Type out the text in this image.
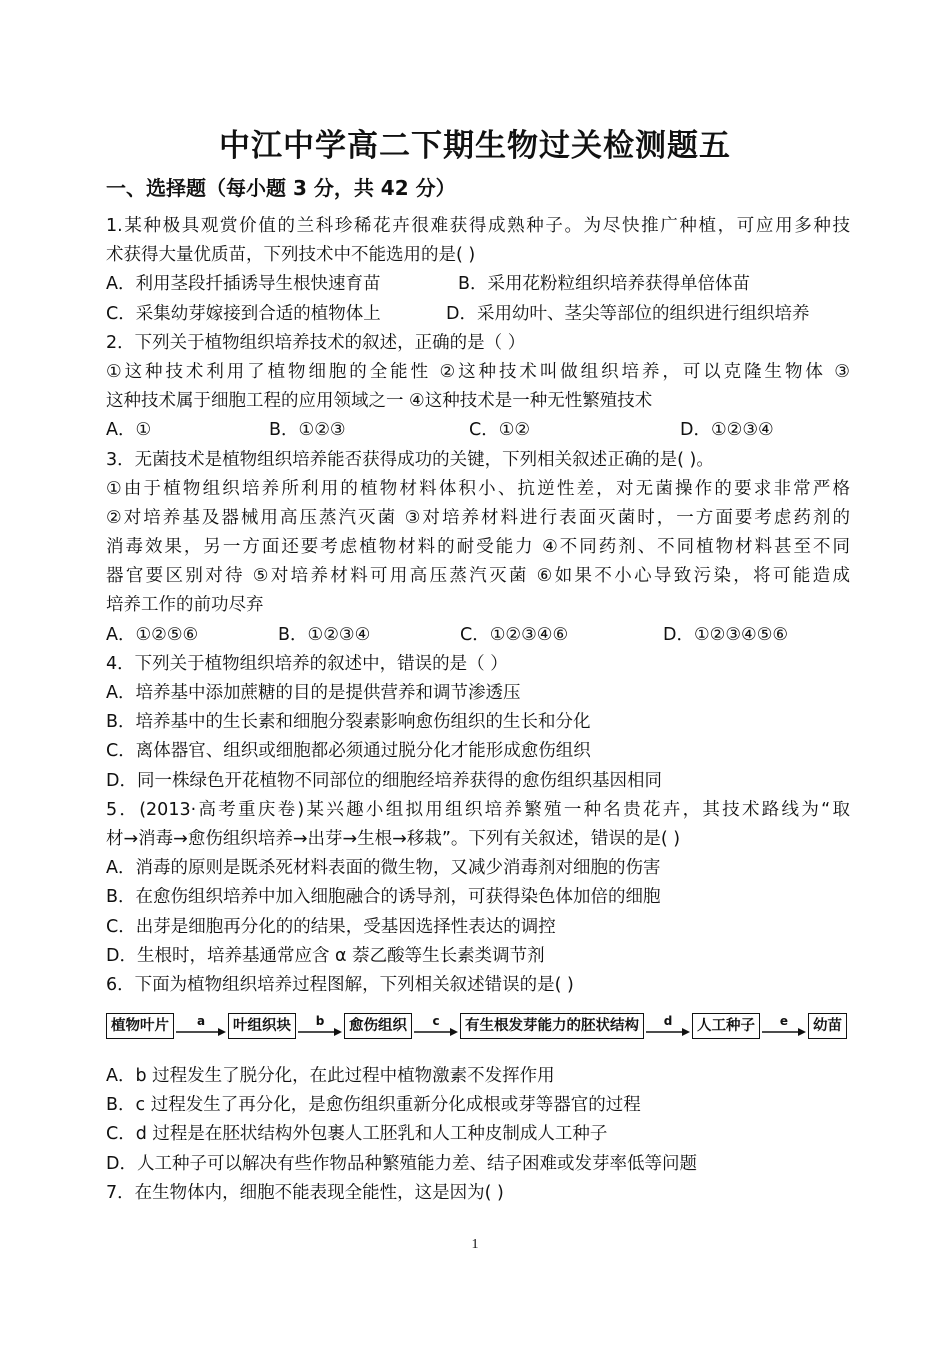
中江中学高二下期生物过关检测题五
一、选择题（每小题 3 分，共 42 分）
1.某种极具观赏价值的兰科珍稀花卉很难获得成熟种子。为尽快推广种植，可应用多种技
术获得大量优质苗，下列技术中不能选用的是( )
A．利用茎段扦插诱导生根快速育苗	B．采用花粉粒组织培养获得单倍体苗
C．采集幼芽嫁接到合适的植物体上	D．采用幼叶、茎尖等部位的组织进行组织培养
2．下列关于植物组织培养技术的叙述，正确的是（ ）
①这种技术利用了植物细胞的全能性 ②这种技术叫做组织培养，可以克隆生物体 ③
这种技术属于细胞工程的应用领域之一 ④这种技术是一种无性繁殖技术
A．①	B．①②③	C．①②	D．①②③④
3．无菌技术是植物组织培养能否获得成功的关键，下列相关叙述正确的是( )。
①由于植物组织培养所利用的植物材料体积小、抗逆性差，对无菌操作的要求非常严格
②对培养基及器械用高压蒸汽灭菌 ③对培养材料进行表面灭菌时，一方面要考虑药剂的
消毒效果，另一方面还要考虑植物材料的耐受能力 ④不同药剂、不同植物材料甚至不同
器官要区别对待 ⑤对培养材料可用高压蒸汽灭菌 ⑥如果不小心导致污染，将可能造成
培养工作的前功尽弃
A．①②⑤⑥	B．①②③④	C．①②③④⑥	D．①②③④⑤⑥
4．下列关于植物组织培养的叙述中，错误的是（ ）
A．培养基中添加蔗糖的目的是提供营养和调节渗透压
B．培养基中的生长素和细胞分裂素影响愈伤组织的生长和分化
C．离体器官、组织或细胞都必须通过脱分化才能形成愈伤组织
D．同一株绿色开花植物不同部位的细胞经培养获得的愈伤组织基因相同
5．(2013·高考重庆卷)某兴趣小组拟用组织培养繁殖一种名贵花卉，其技术路线为“取
材→消毒→愈伤组织培养→出芽→生根→移栽”。下列有关叙述，错误的是( )
A．消毒的原则是既杀死材料表面的微生物，又减少消毒剂对细胞的伤害
B．在愈伤组织培养中加入细胞融合的诱导剂，可获得染色体加倍的细胞
C．出芽是细胞再分化的的结果，受基因选择性表达的调控
D．生根时，培养基通常应含 α 萘乙酸等生长素类调节剂
6．下面为植物组织培养过程图解，下列相关叙述错误的是( )
植物叶片	a	叶组织块	b	愈伤组织	c	有生根发芽能力的胚状结构	d	人工种子	e	幼苗
A．b 过程发生了脱分化，在此过程中植物激素不发挥作用
B．c 过程发生了再分化，是愈伤组织重新分化成根或芽等器官的过程
C．d 过程是在胚状结构外包裹人工胚乳和人工种皮制成人工种子
D．人工种子可以解决有些作物品种繁殖能力差、结子困难或发芽率低等问题
7．在生物体内，细胞不能表现全能性，这是因为( )
1
